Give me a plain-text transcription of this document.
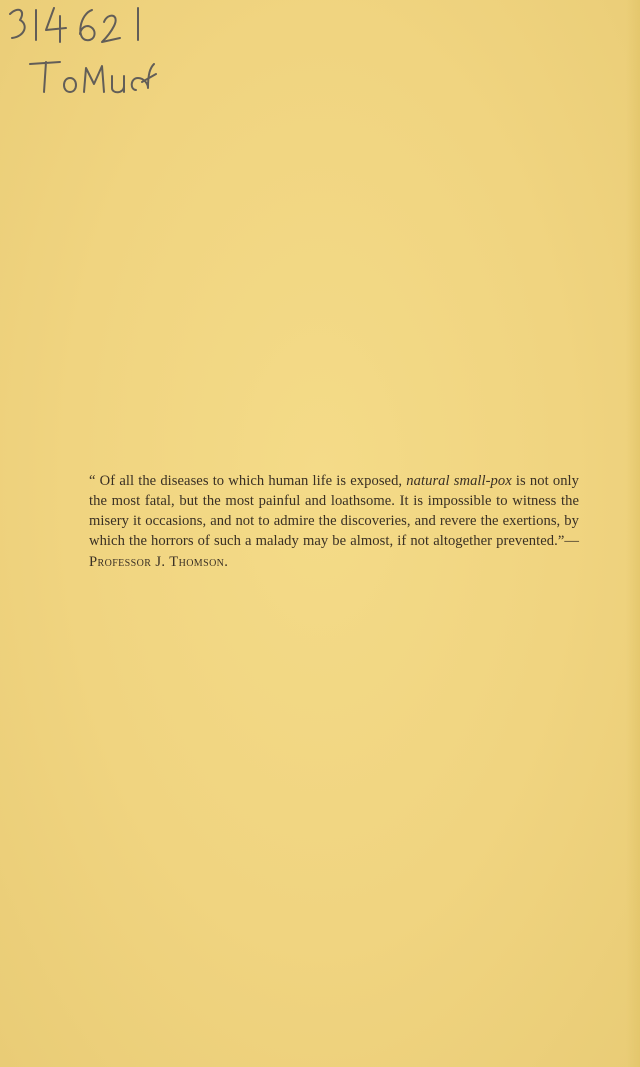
“ Of all the diseases to which human life is exposed, natural small-pox is not only the most fatal, but the most painful and loathsome. It is impossible to witness the misery it occasions, and not to admire the discoveries, and revere the exertions, by which the horrors of such a malady may be almost, if not altogether prevented.”—Professor J. Thomson.
